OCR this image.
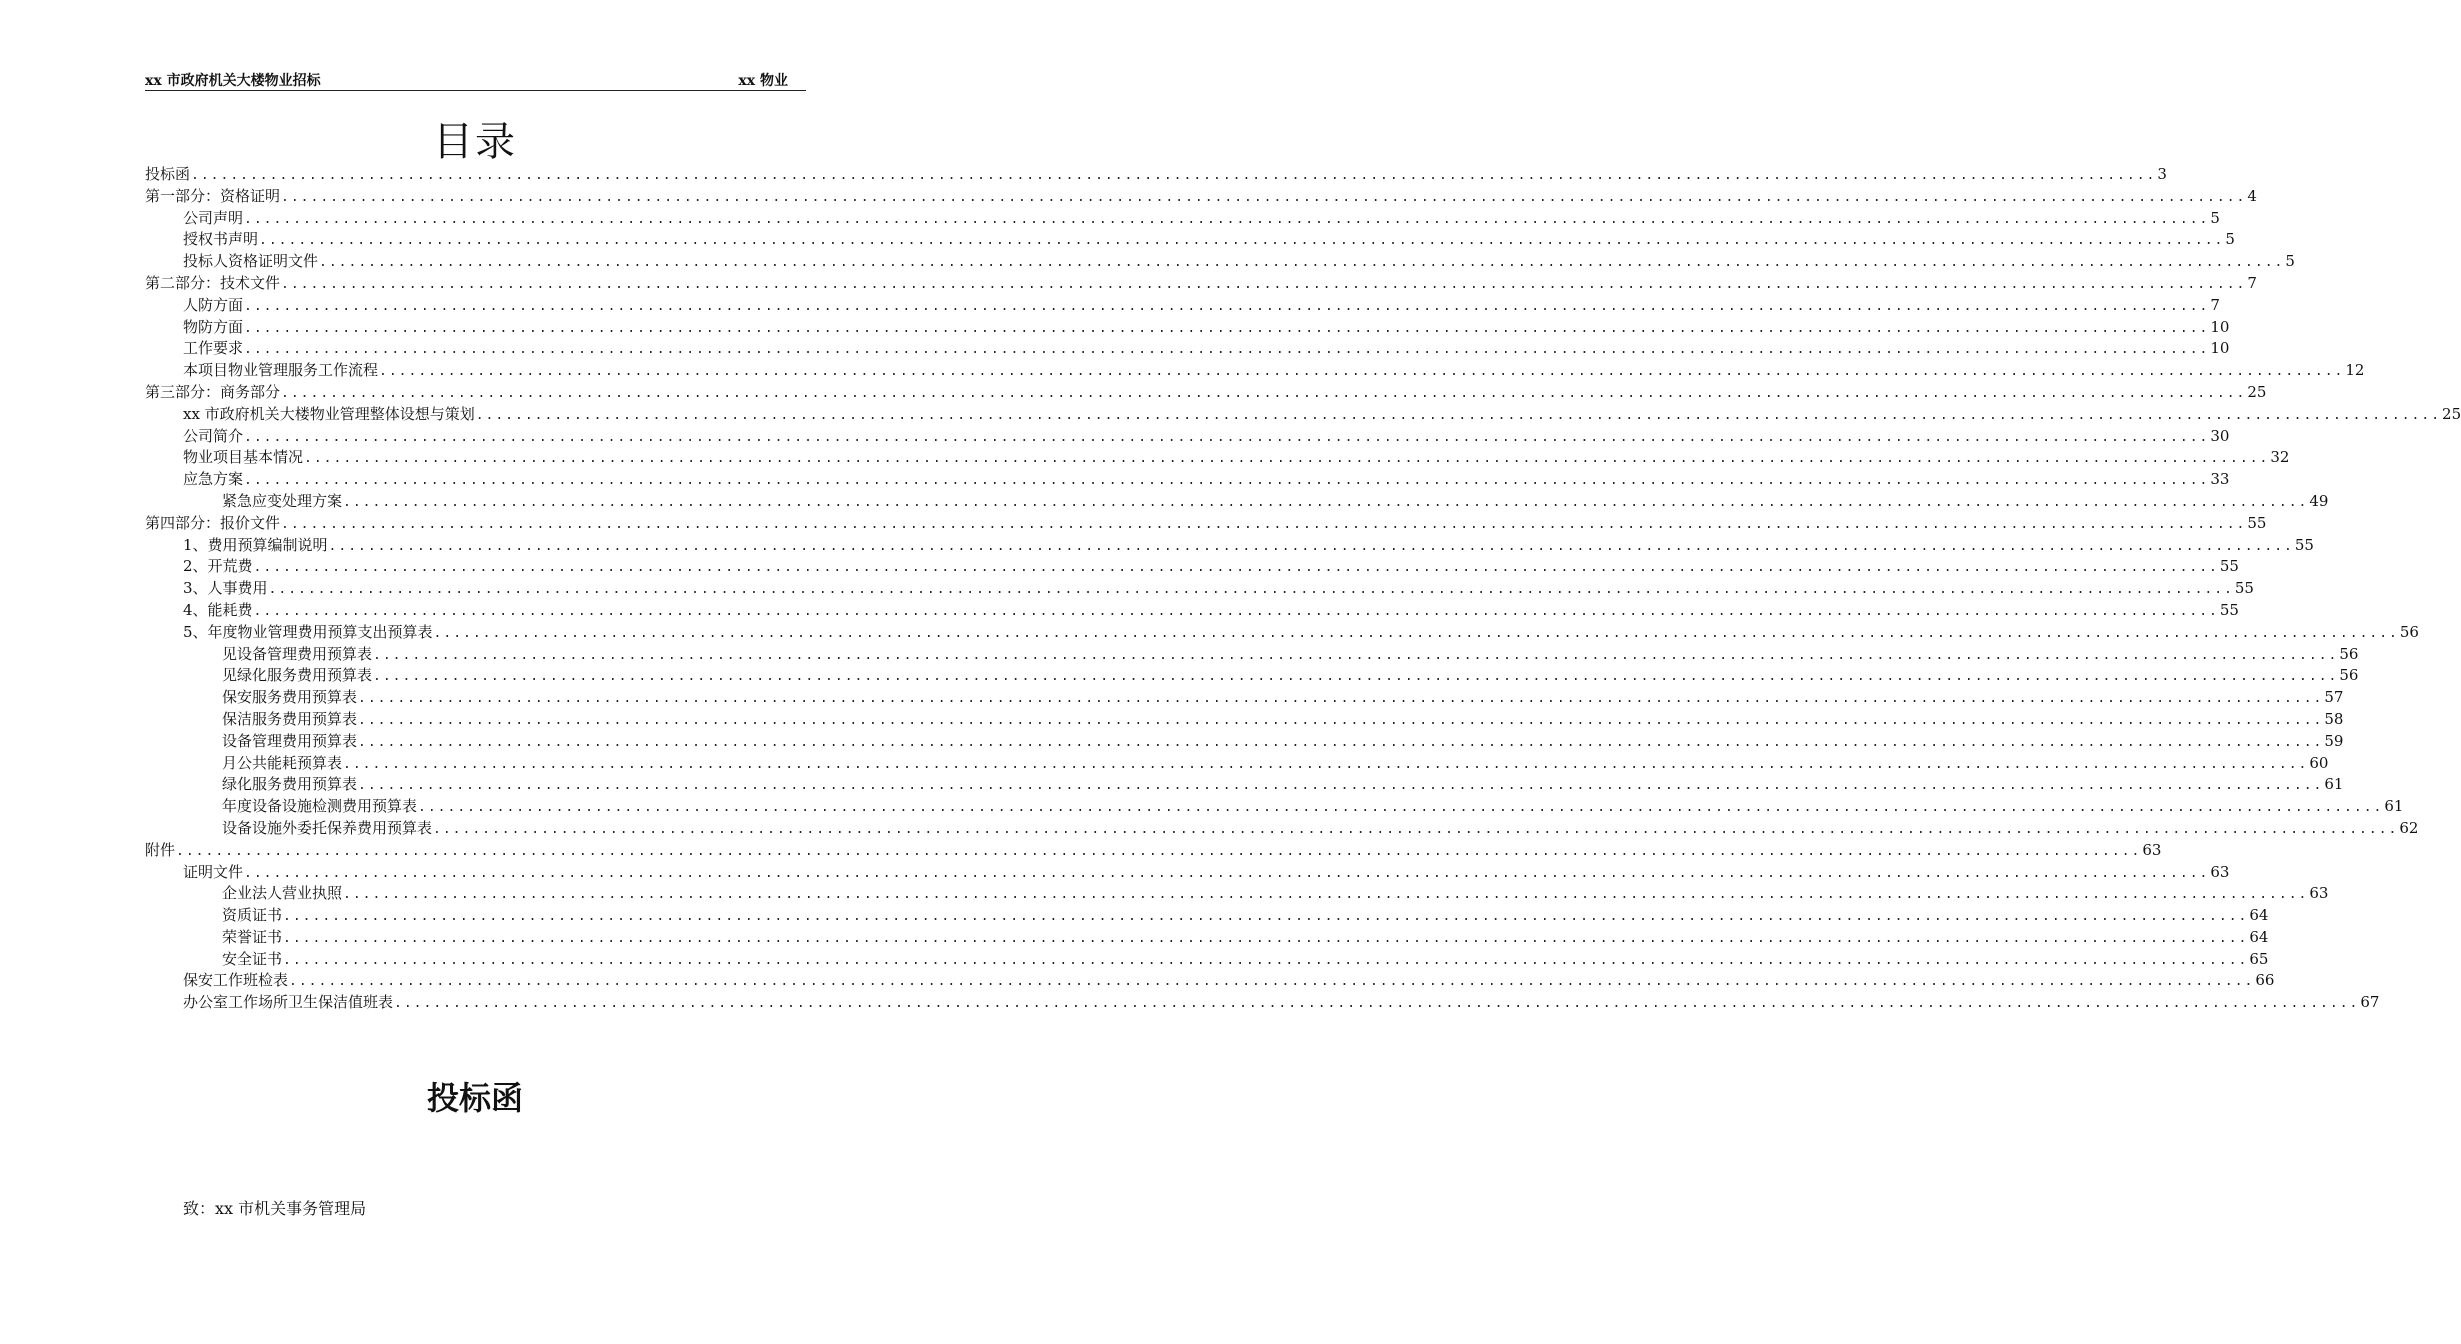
xx 市政府机关大楼物业招标	xx 物业
目录
投标函 ........................................................................................................................................................................................................ 3
第一部分：资格证明 ........................................................................................................................................................................................................ 4
公司声明 ........................................................................................................................................................................................................ 5
授权书声明 ........................................................................................................................................................................................................ 5
投标人资格证明文件 ........................................................................................................................................................................................................ 5
第二部分：技术文件 ........................................................................................................................................................................................................ 7
人防方面 ........................................................................................................................................................................................................ 7
物防方面 ........................................................................................................................................................................................................ 10
工作要求 ........................................................................................................................................................................................................ 10
本项目物业管理服务工作流程 ........................................................................................................................................................................................................ 12
第三部分：商务部分 ........................................................................................................................................................................................................ 25
xx 市政府机关大楼物业管理整体设想与策划 ........................................................................................................................................................................................................ 25
公司简介 ........................................................................................................................................................................................................ 30
物业项目基本情况 ........................................................................................................................................................................................................ 32
应急方案 ........................................................................................................................................................................................................ 33
紧急应变处理方案 ........................................................................................................................................................................................................ 49
第四部分：报价文件 ........................................................................................................................................................................................................ 55
1、费用预算编制说明 ........................................................................................................................................................................................................ 55
2、开荒费 ........................................................................................................................................................................................................ 55
3、人事费用 ........................................................................................................................................................................................................ 55
4、能耗费 ........................................................................................................................................................................................................ 55
5、年度物业管理费用预算支出预算表 ........................................................................................................................................................................................................ 56
见设备管理费用预算表 ........................................................................................................................................................................................................ 56
见绿化服务费用预算表 ........................................................................................................................................................................................................ 56
保安服务费用预算表 ........................................................................................................................................................................................................ 57
保洁服务费用预算表 ........................................................................................................................................................................................................ 58
设备管理费用预算表 ........................................................................................................................................................................................................ 59
月公共能耗预算表 ........................................................................................................................................................................................................ 60
绿化服务费用预算表 ........................................................................................................................................................................................................ 61
年度设备设施检测费用预算表 ........................................................................................................................................................................................................ 61
设备设施外委托保养费用预算表 ........................................................................................................................................................................................................ 62
附件 ........................................................................................................................................................................................................ 63
证明文件 ........................................................................................................................................................................................................ 63
企业法人营业执照 ........................................................................................................................................................................................................ 63
资质证书 ........................................................................................................................................................................................................ 64
荣誉证书 ........................................................................................................................................................................................................ 64
安全证书 ........................................................................................................................................................................................................ 65
保安工作班检表 ........................................................................................................................................................................................................ 66
办公室工作场所卫生保洁值班表 ........................................................................................................................................................................................................ 67
投标函
致：xx 市机关事务管理局
